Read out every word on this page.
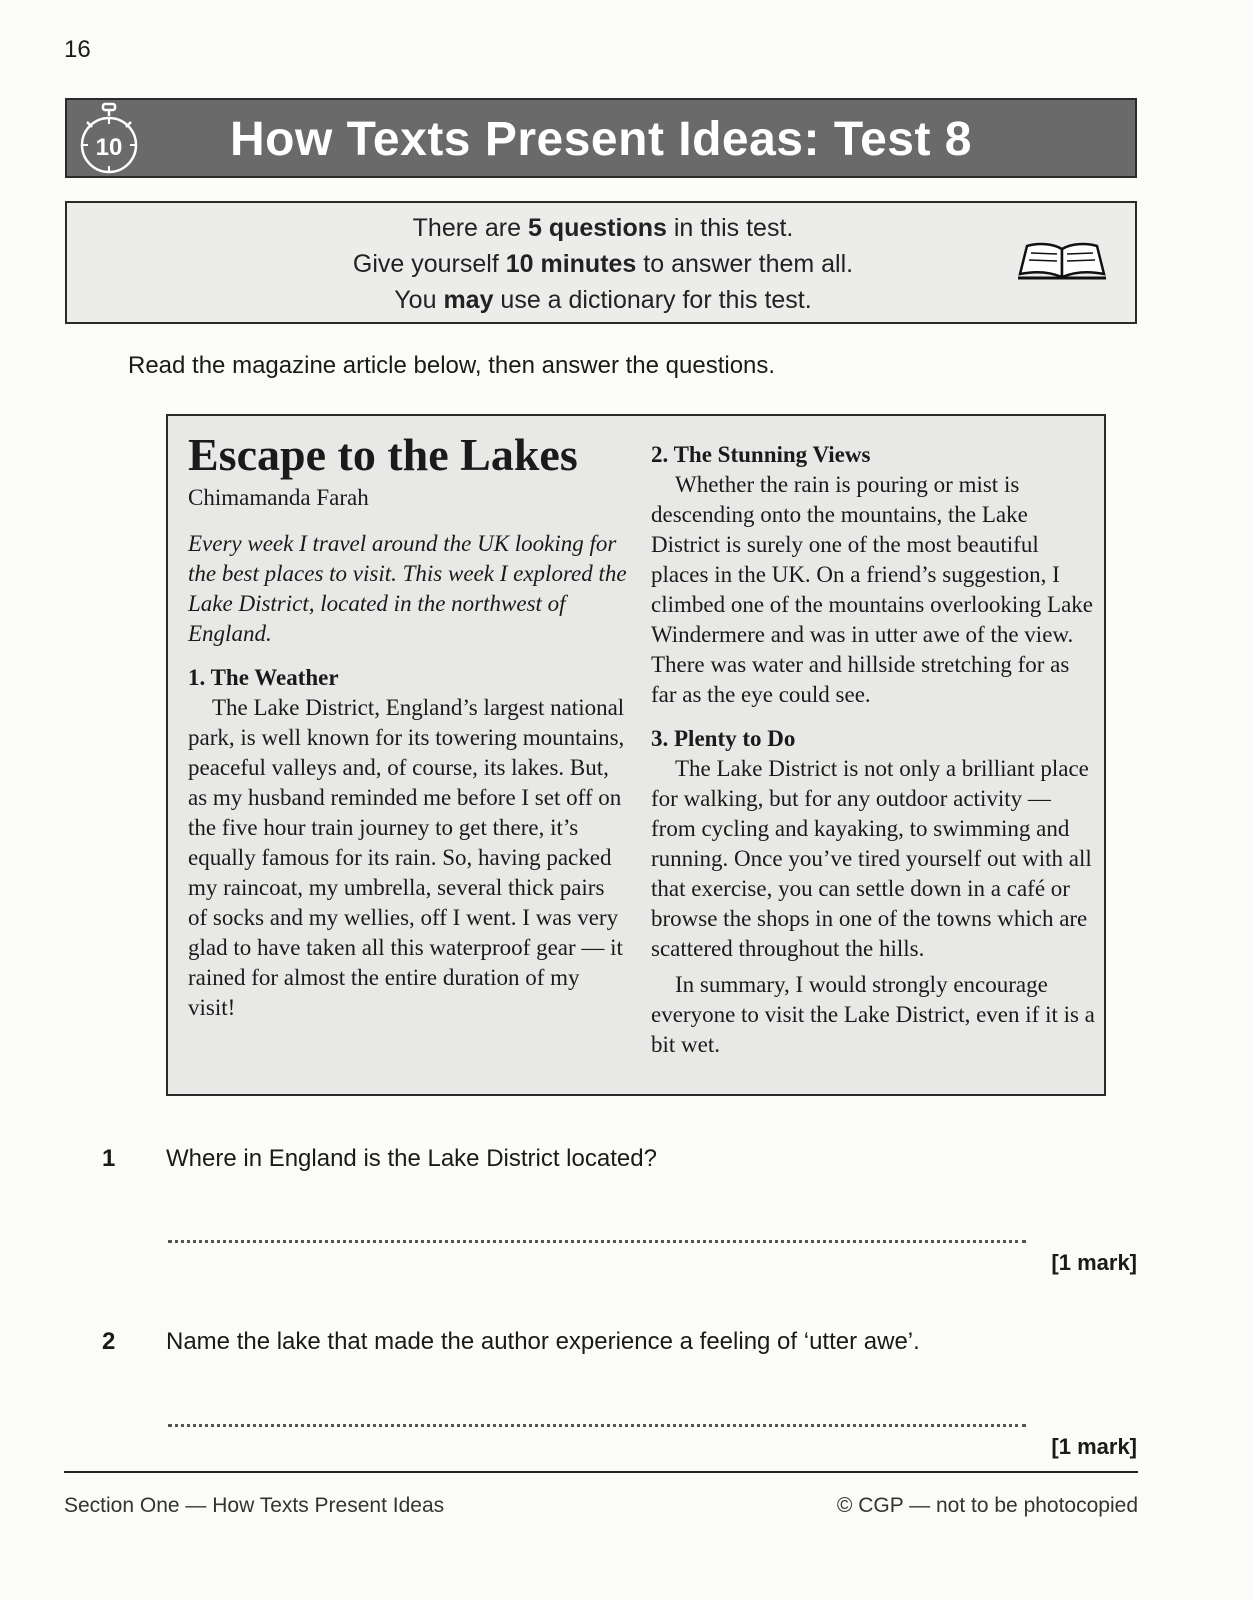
16
10	How Texts Present Ideas: Test 8
There are 5 questions in this test.
Give yourself 10 minutes to answer them all.
You may use a dictionary for this test.
Read the magazine article below, then answer the questions.
Escape to the Lakes
Chimamanda Farah
Every week I travel around the UK looking for the best places to visit. This week I explored the Lake District, located in the northwest of England.
1. The Weather

The Lake District, England’s largest national park, is well known for its towering mountains, peaceful valleys and, of course, its lakes. But, as my husband reminded me before I set off on the five hour train journey to get there, it’s equally famous for its rain. So, having packed my raincoat, my umbrella, several thick pairs of socks and my wellies, off I went. I was very glad to have taken all this waterproof gear — it rained for almost the entire duration of my visit!

2. The Stunning Views

Whether the rain is pouring or mist is descending onto the mountains, the Lake District is surely one of the most beautiful places in the UK. On a friend’s suggestion, I climbed one of the mountains overlooking Lake Windermere and was in utter awe of the view. There was water and hillside stretching for as far as the eye could see.

3. Plenty to Do

The Lake District is not only a brilliant place for walking, but for any outdoor activity — from cycling and kayaking, to swimming and running. Once you’ve tired yourself out with all that exercise, you can settle down in a café or browse the shops in one of the towns which are scattered throughout the hills.

In summary, I would strongly encourage everyone to visit the Lake District, even if it is a bit wet.

1 Where in England is the Lake District located?
[1 mark]
2 Name the lake that made the author experience a feeling of ‘utter awe’.
[1 mark]
Section One — How Texts Present Ideas	© CGP — not to be photocopied
